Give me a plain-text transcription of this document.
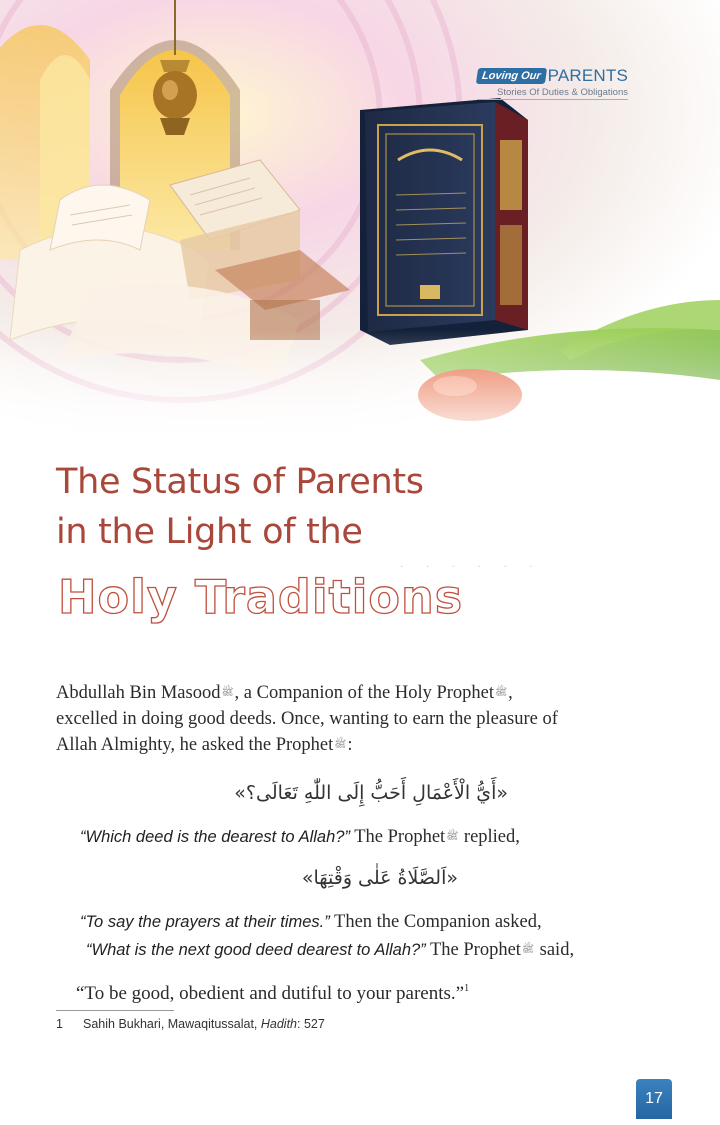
Loving Our PARENTS
Stories Of Duties & Obligations
The Status of Parents
in the Light of the
· · · · · ·
Holy Traditions
Abdullah Bin Masoodﷺ, a Companion of the Holy Prophetﷺ,
excelled in doing good deeds. Once, wanting to earn the pleasure of
Allah Almighty, he asked the Prophetﷺ:
«أَيُّ الْأَعْمَالِ أَحَبُّ إِلَى اللّٰهِ تَعَالَى؟»
“Which deed is the dearest to Allah?” The Prophetﷺ replied,
«اَلصَّلَاةُ عَلٰى وَقْتِهَا»
“To say the prayers at their times.” Then the Companion asked,
“What is the next good deed dearest to Allah?” The Prophetﷺ said,
“To be good, obedient and dutiful to your parents.”$^1$
1 Sahih Bukhari, Mawaqitussalat, Hadith: 527
17
